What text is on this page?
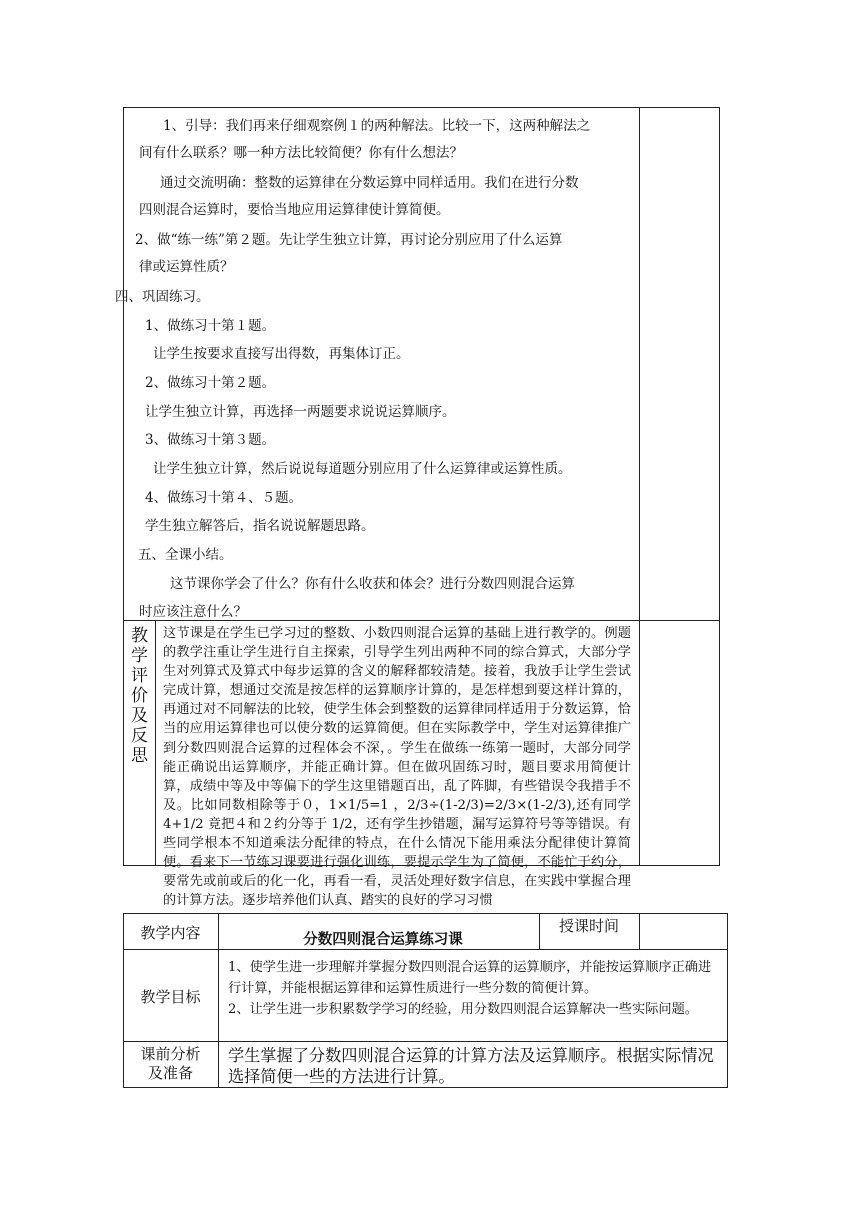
1、引导：我们再来仔细观察例１的两种解法。比较一下，这两种解法之
间有什么联系？哪一种方法比较简便？你有什么想法？
通过交流明确：整数的运算律在分数运算中同样适用。我们在进行分数
四则混合运算时，要恰当地应用运算律使计算简便。
2、做“练一练”第２题。先让学生独立计算，再讨论分别应用了什么运算
律或运算性质？
四、巩固练习。
1、做练习十第１题。
让学生按要求直接写出得数，再集体订正。
2、做练习十第２题。
让学生独立计算，再选择一两题要求说说运算顺序。
3、做练习十第３题。
让学生独立计算，然后说说每道题分别应用了什么运算律或运算性质。
4、做练习十第４、５题。
学生独立解答后，指名说说解题思路。
五、全课小结。
这节课你学会了什么？你有什么收获和体会？进行分数四则混合运算
时应该注意什么？
教
学
评
价
及
反
思
这节课是在学生已学习过的整数、小数四则混合运算的基础上进行教学的。例题的教学注重让学生进行自主探索，引导学生列出两种不同的综合算式，大部分学生对列算式及算式中每步运算的含义的解释都较清楚。接着，我放手让学生尝试完成计算，想通过交流是按怎样的运算顺序计算的，是怎样想到要这样计算的，再通过对不同解法的比较，使学生体会到整数的运算律同样适用于分数运算，恰当的应用运算律也可以使分数的运算简便。但在实际教学中，学生对运算律推广到分数四则混合运算的过程体会不深，。学生在做练一练第一题时，大部分同学能正确说出运算顺序，并能正确计算。但在做巩固练习时，题目要求用简便计算，成绩中等及中等偏下的学生这里错题百出，乱了阵脚，有些错误令我措手不及。比如同数相除等于０，1×1/5=1 ，2/3÷(1-2/3)=2/3×(1-2/3),还有同学 4+1/2 竟把４和２约分等于 1/2，还有学生抄错题，漏写运算符号等等错误。有些同学根本不知道乘法分配律的特点，在什么情况下能用乘法分配律使计算简便。看来下一节练习课要进行强化训练，要提示学生为了简便，不能忙于约分，要常先或前或后的化一化，再看一看，灵活处理好数字信息，在实践中掌握合理的计算方法。逐步培养他们认真、踏实的良好的学习习惯
教学内容	分数四则混合运算练习课
授课时间
教学目标
1、使学生进一步理解并掌握分数四则混合运算的运算顺序，并能按运算顺序正确进行计算，并能根据运算律和运算性质进行一些分数的简便计算。
2、让学生进一步积累数学学习的经验，用分数四则混合运算解决一些实际问题。
课前分析
及准备
学生掌握了分数四则混合运算的计算方法及运算顺序。根据实际情况选择简便一些的方法进行计算。
